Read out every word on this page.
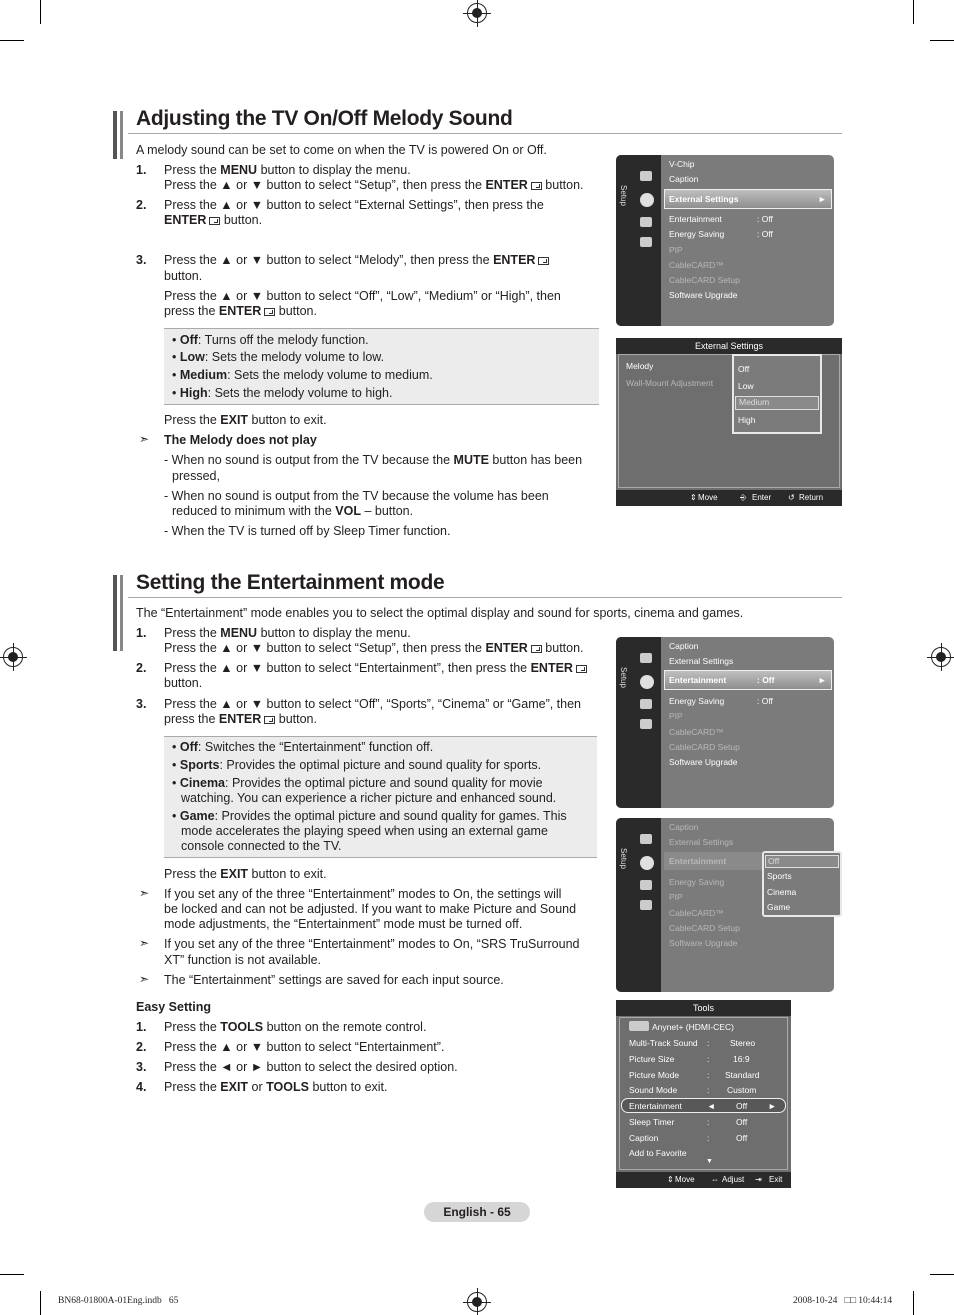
Adjusting the TV On/Off Melody Sound
A melody sound can be set to come on when the TV is powered On or Off.
1. Press the MENU button to display the menu.
Press the ▲ or ▼ button to select “Setup”, then press the ENTER button.
2. Press the ▲ or ▼ button to select “External Settings”, then press the
ENTER button.
3. Press the ▲ or ▼ button to select “Melody”, then press the ENTER
button.
Press the ▲ or ▼ button to select “Off”, “Low”, “Medium” or “High”, then
press the ENTER button.
• Off: Turns off the melody function.
• Low: Sets the melody volume to low.
• Medium: Sets the melody volume to medium.
• High: Sets the melody volume to high.
Press the EXIT button to exit.
➣ The Melody does not play
- When no sound is output from the TV because the MUTE button has been
pressed,
- When no sound is output from the TV because the volume has been
reduced to minimum with the VOL – button.
- When the TV is turned off by Sleep Timer function.
Setup
V-Chip
Caption
External Settings	►
Entertainment	: Off
Energy Saving	: Off
PIP
CableCARD™
CableCARD Setup
Software Upgrade
External Settings
Melody
Wall-Mount Adjustment
Off
Low
Medium
High
⇕ Move	⎆ Enter ↺ Return
Setting the Entertainment mode
The “Entertainment” mode enables you to select the optimal display and sound for sports, cinema and games.
1. Press the MENU button to display the menu.
Press the ▲ or ▼ button to select “Setup”, then press the ENTER button.
2. Press the ▲ or ▼ button to select “Entertainment”, then press the ENTER
button.
3. Press the ▲ or ▼ button to select “Off”, “Sports”, “Cinema” or “Game”, then
press the ENTER button.
• Off: Switches the “Entertainment” function off.
• Sports: Provides the optimal picture and sound quality for sports.
• Cinema: Provides the optimal picture and sound quality for movie
watching. You can experience a richer picture and enhanced sound.
• Game: Provides the optimal picture and sound quality for games. This
mode accelerates the playing speed when using an external game
console connected to the TV.
Press the EXIT button to exit.
➣ If you set any of the three “Entertainment” modes to On, the settings will
be locked and can not be adjusted. If you want to make Picture and Sound
mode adjustments, the “Entertainment” mode must be turned off.
➣ If you set any of the three “Entertainment” modes to On, “SRS TruSurround
XT” function is not available.
➣ The “Entertainment” settings are saved for each input source.
Easy Setting
1. Press the TOOLS button on the remote control.
2. Press the ▲ or ▼ button to select “Entertainment”.
3. Press the ◄ or ► button to select the desired option.
4. Press the EXIT or TOOLS button to exit.
Setup
Caption
External Settings
Entertainment	: Off	►
Energy Saving	: Off
PIP
CableCARD™
CableCARD Setup
Software Upgrade
Setup
Caption
External Settings
Entertainment
Energy Saving
PIP
CableCARD™
CableCARD Setup
Software Upgrade
Off
Sports
Cinema
Game
Tools
Anynet+ (HDMI-CEC)
Multi-Track Sound : Stereo
Picture Size	:	16:9
Picture Mode	: Standard
Sound Mode	: Custom
Entertainment	◄ Off ►
Sleep Timer	:	Off
Caption	:	Off
Add to Favorite
▼
⇕ Move ⇔ Adjust ⇥ Exit
English - 65
BN68-01800A-01Eng.indb   65	2008-10-24   □□ 10:44:14
